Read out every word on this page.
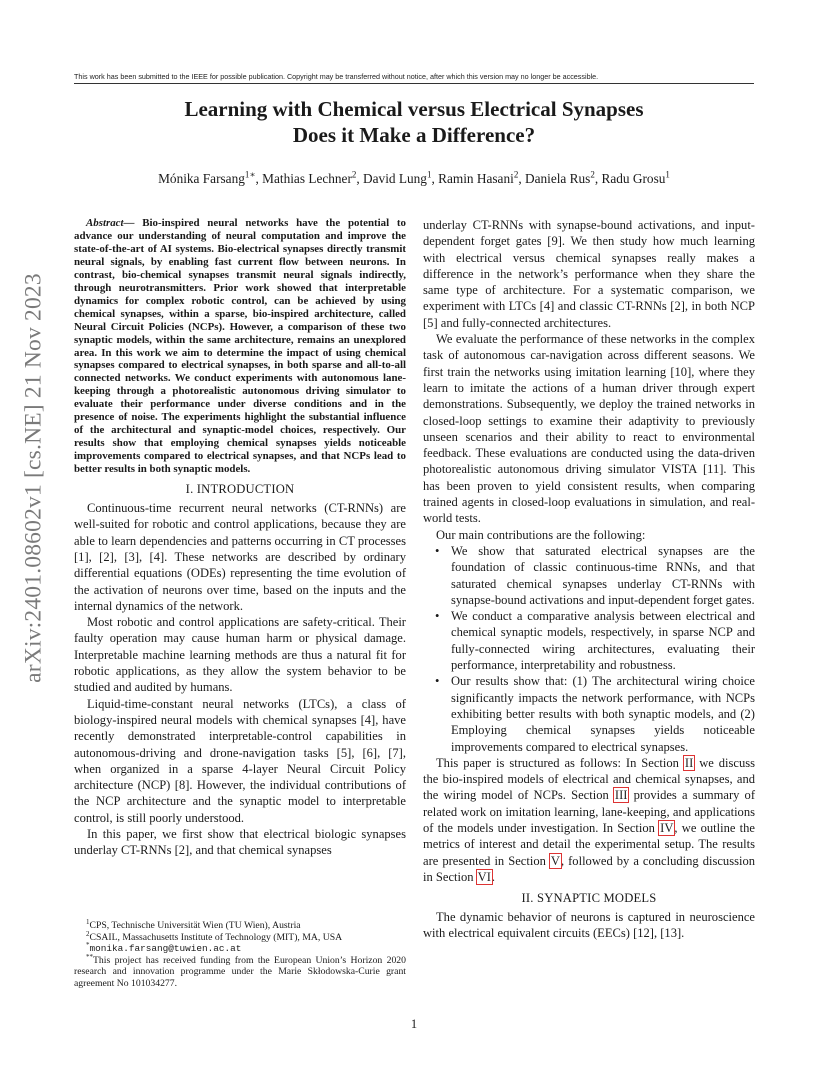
This work has been submitted to the IEEE for possible publication. Copyright may be transferred without notice, after which this version may no longer be accessible.
arXiv:2401.08602v1 [cs.NE] 21 Nov 2023
Learning with Chemical versus Electrical Synapses
Does it Make a Difference?
Mónika Farsang$^{1∗}$, Mathias Lechner$^2$, David Lung$^1$, Ramin Hasani$^2$, Daniela Rus$^2$, Radu Grosu$^1$

Abstract— Bio-inspired neural networks have the potential to advance our understanding of neural computation and improve the state-of-the-art of AI systems. Bio-electrical synapses directly transmit neural signals, by enabling fast current flow between neurons. In contrast, bio-chemical synapses transmit neural signals indirectly, through neurotransmitters. Prior work showed that interpretable dynamics for complex robotic control, can be achieved by using chemical synapses, within a sparse, bio-inspired architecture, called Neural Circuit Policies (NCPs). However, a comparison of these two synaptic models, within the same architecture, remains an unexplored area. In this work we aim to determine the impact of using chemical synapses compared to electrical synapses, in both sparse and all-to-all connected networks. We conduct experiments with autonomous lane-keeping through a photorealistic autonomous driving simulator to evaluate their performance under diverse conditions and in the presence of noise. The experiments highlight the substantial influence of the architectural and synaptic-model choices, respectively. Our results show that employing chemical synapses yields noticeable improvements compared to electrical synapses, and that NCPs lead to better results in both synaptic models.

I. INTRODUCTION

Continuous-time recurrent neural networks (CT-RNNs) are well-suited for robotic and control applications, because they are able to learn dependencies and patterns occurring in CT processes [1], [2], [3], [4]. These networks are described by ordinary differential equations (ODEs) representing the time evolution of the activation of neurons over time, based on the inputs and the internal dynamics of the network.

Most robotic and control applications are safety-critical. Their faulty operation may cause human harm or physical damage. Interpretable machine learning methods are thus a natural fit for robotic applications, as they allow the system behavior to be studied and audited by humans.

Liquid-time-constant neural networks (LTCs), a class of biology-inspired neural models with chemical synapses [4], have recently demonstrated interpretable-control capabilities in autonomous-driving and drone-navigation tasks [5], [6], [7], when organized in a sparse 4-layer Neural Circuit Policy architecture (NCP) [8]. However, the individual contributions of the NCP architecture and the synaptic model to interpretable control, is still poorly understood.

In this paper, we first show that electrical biologic synapses underlay CT-RNNs [2], and that chemical synapses

$^1$CPS, Technische Universität Wien (TU Wien), Austria
$^2$CSAIL, Massachusetts Institute of Technology (MIT), MA, USA
*monika.farsang@tuwien.ac.at
**This project has received funding from the European Union’s Horizon 2020 research and innovation programme under the Marie Skłodowska-Curie grant agreement No 101034277.

underlay CT-RNNs with synapse-bound activations, and input-dependent forget gates [9]. We then study how much learning with electrical versus chemical synapses really makes a difference in the network’s performance when they share the same type of architecture. For a systematic comparison, we experiment with LTCs [4] and classic CT-RNNs [2], in both NCP [5] and fully-connected architectures.

We evaluate the performance of these networks in the complex task of autonomous car-navigation across different seasons. We first train the networks using imitation learning [10], where they learn to imitate the actions of a human driver through expert demonstrations. Subsequently, we deploy the trained networks in closed-loop settings to examine their adaptivity to previously unseen scenarios and their ability to react to environmental feedback. These evaluations are conducted using the data-driven photorealistic autonomous driving simulator VISTA [11]. This has been proven to yield consistent results, when comparing trained agents in closed-loop evaluations in simulation, and real-world tests.

Our main contributions are the following:

• We show that saturated electrical synapses are the foundation of classic continuous-time RNNs, and that saturated chemical synapses underlay CT-RNNs with synapse-bound activations and input-dependent forget gates.
• We conduct a comparative analysis between electrical and chemical synaptic models, respectively, in sparse NCP and fully-connected wiring architectures, evaluating their performance, interpretability and robustness.
• Our results show that: (1) The architectural wiring choice significantly impacts the network performance, with NCPs exhibiting better results with both synaptic models, and (2) Employing chemical synapses yields noticeable improvements compared to electrical synapses.

This paper is structured as follows: In Section II we discuss the bio-inspired models of electrical and chemical synapses, and the wiring model of NCPs. Section III provides a summary of related work on imitation learning, lane-keeping, and applications of the models under investigation. In Section IV, we outline the metrics of interest and detail the experimental setup. The results are presented in Section V, followed by a concluding discussion in Section VI.

II. SYNAPTIC MODELS

The dynamic behavior of neurons is captured in neuroscience with electrical equivalent circuits (EECs) [12], [13].

1
